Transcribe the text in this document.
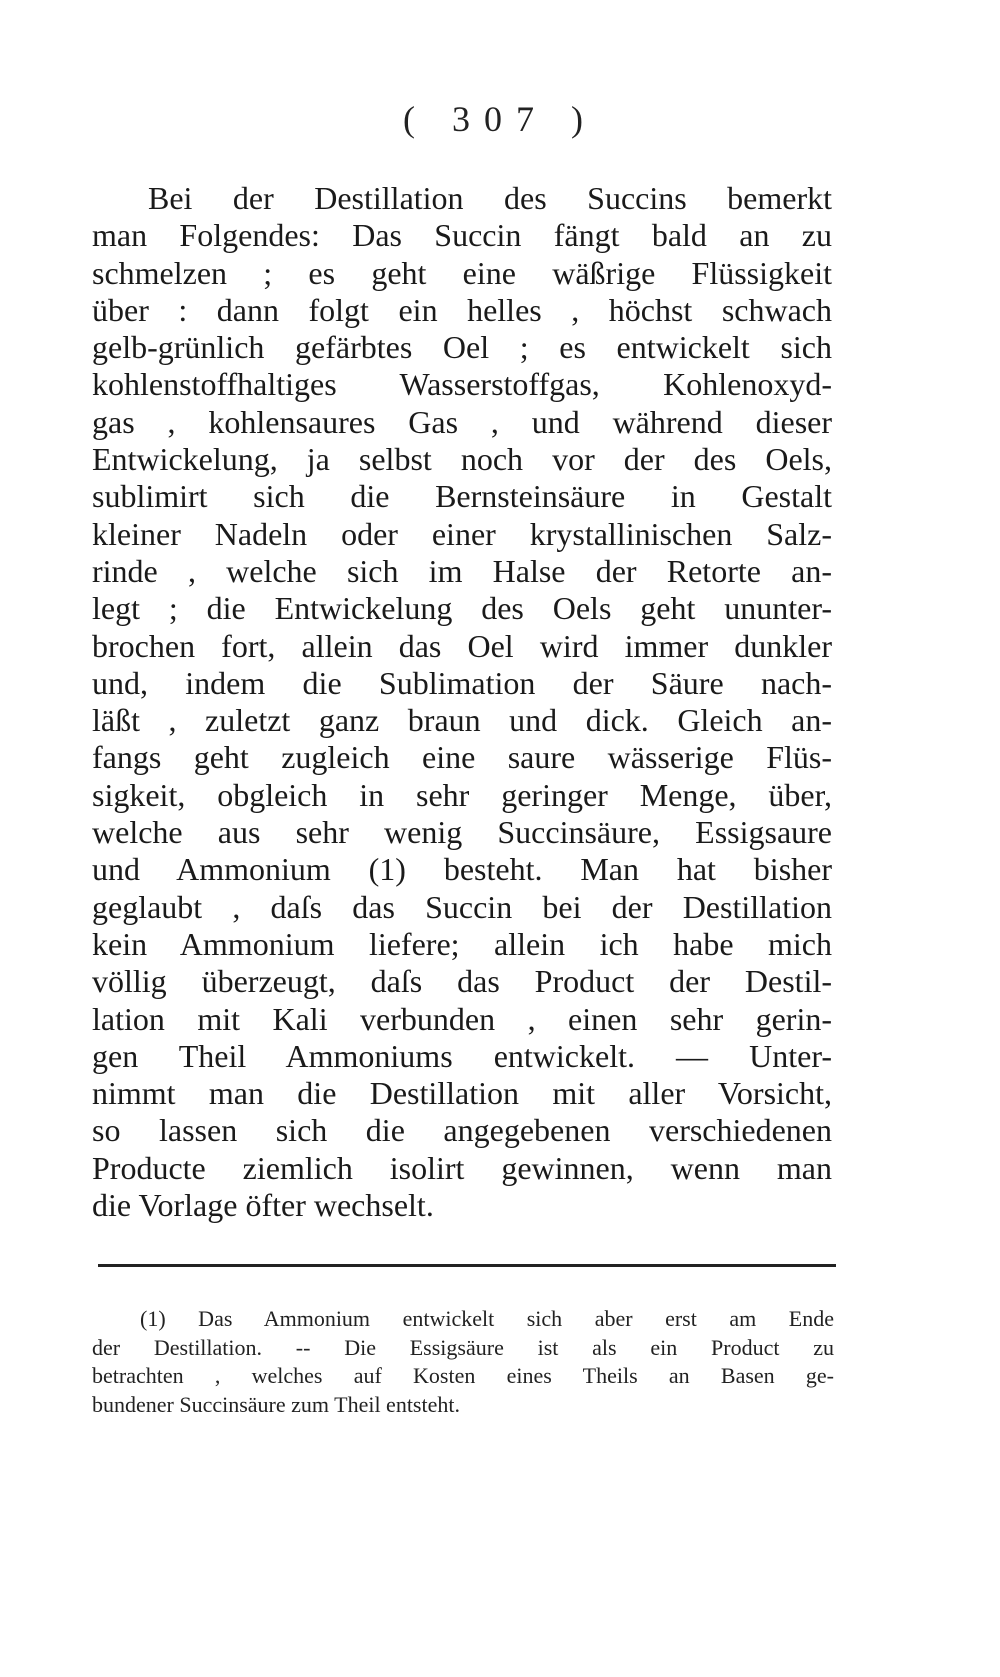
( 307 )
Bei der Destillation des Succins bemerkt
man Folgendes: Das Succin fängt bald an zu
schmelzen ; es geht eine wäßrige Flüssigkeit
über : dann folgt ein helles , höchst schwach
gelb-grünlich gefärbtes Oel ; es entwickelt sich
kohlenstoffhaltiges Wasserstoffgas, Kohlenoxyd-
gas , kohlensaures Gas , und während dieser
Entwickelung, ja selbst noch vor der des Oels,
sublimirt sich die Bernsteinsäure in Gestalt
kleiner Nadeln oder einer krystallinischen Salz-
rinde , welche sich im Halse der Retorte an-
legt ; die Entwickelung des Oels geht ununter-
brochen fort, allein das Oel wird immer dunkler
und, indem die Sublimation der Säure nach-
läßt , zuletzt ganz braun und dick. Gleich an-
fangs geht zugleich eine saure wässerige Flüs-
sigkeit, obgleich in sehr geringer Menge, über,
welche aus sehr wenig Succinsäure, Essigsaure
und Ammonium (1) besteht. Man hat bisher
geglaubt , daſs das Succin bei der Destillation
kein Ammonium liefere; allein ich habe mich
völlig überzeugt, daſs das Product der Destil-
lation mit Kali verbunden , einen sehr gerin-
gen Theil Ammoniums entwickelt. — Unter-
nimmt man die Destillation mit aller Vorsicht,
so lassen sich die angegebenen verschiedenen
Producte ziemlich isolirt gewinnen, wenn man
die Vorlage öfter wechselt.
(1) Das Ammonium entwickelt sich aber erst am Ende
der Destillation. -- Die Essigsäure ist als ein Product zu
betrachten , welches auf Kosten eines Theils an Basen ge-
bundener Succinsäure zum Theil entsteht.
